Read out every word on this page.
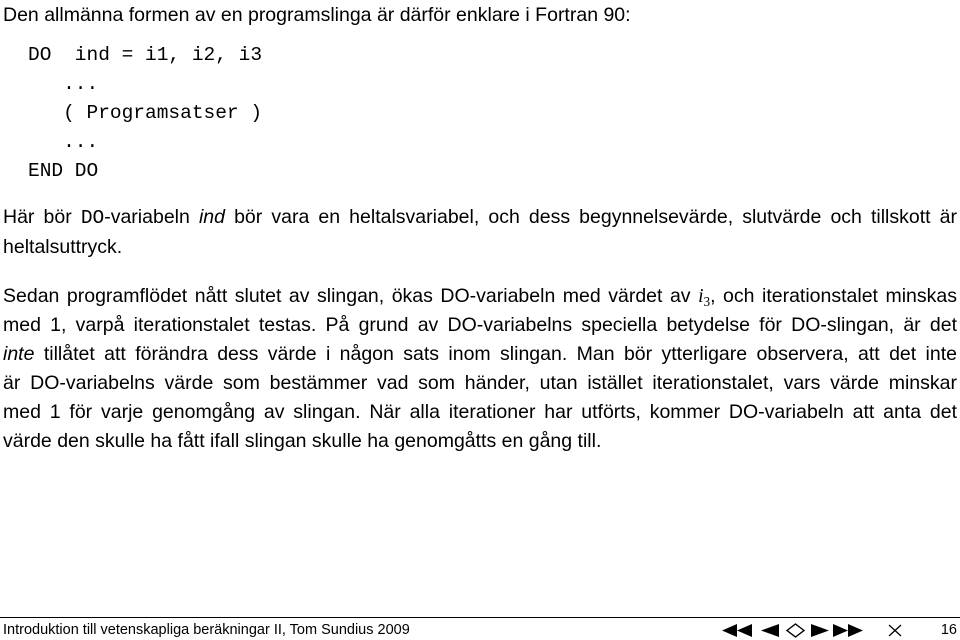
Den allmänna formen av en programslinga är därför enklare i Fortran 90:
DO  ind = i1, i2, i3
...
( Programsatser )
...
END DO
Här bör DO-variabeln ind bör vara en heltalsvariabel, och dess begynnelsevärde, slutvärde och tillskott är
heltalsuttryck.
Sedan programflödet nått slutet av slingan, ökas DO-variabeln med värdet av $i_3$, och iterationstalet minskas
med 1, varpå iterationstalet testas. På grund av DO-variabelns speciella betydelse för DO-slingan, är det
inte tillåtet att förändra dess värde i någon sats inom slingan. Man bör ytterligare observera, att det inte
är DO-variabelns värde som bestämmer vad som händer, utan istället iterationstalet, vars värde minskar
med 1 för varje genomgång av slingan. När alla iterationer har utförts, kommer DO-variabeln att anta det
värde den skulle ha fått ifall slingan skulle ha genomgåtts en gång till.
Introduktion till vetenskapliga beräkningar II, Tom Sundius 2009	16
